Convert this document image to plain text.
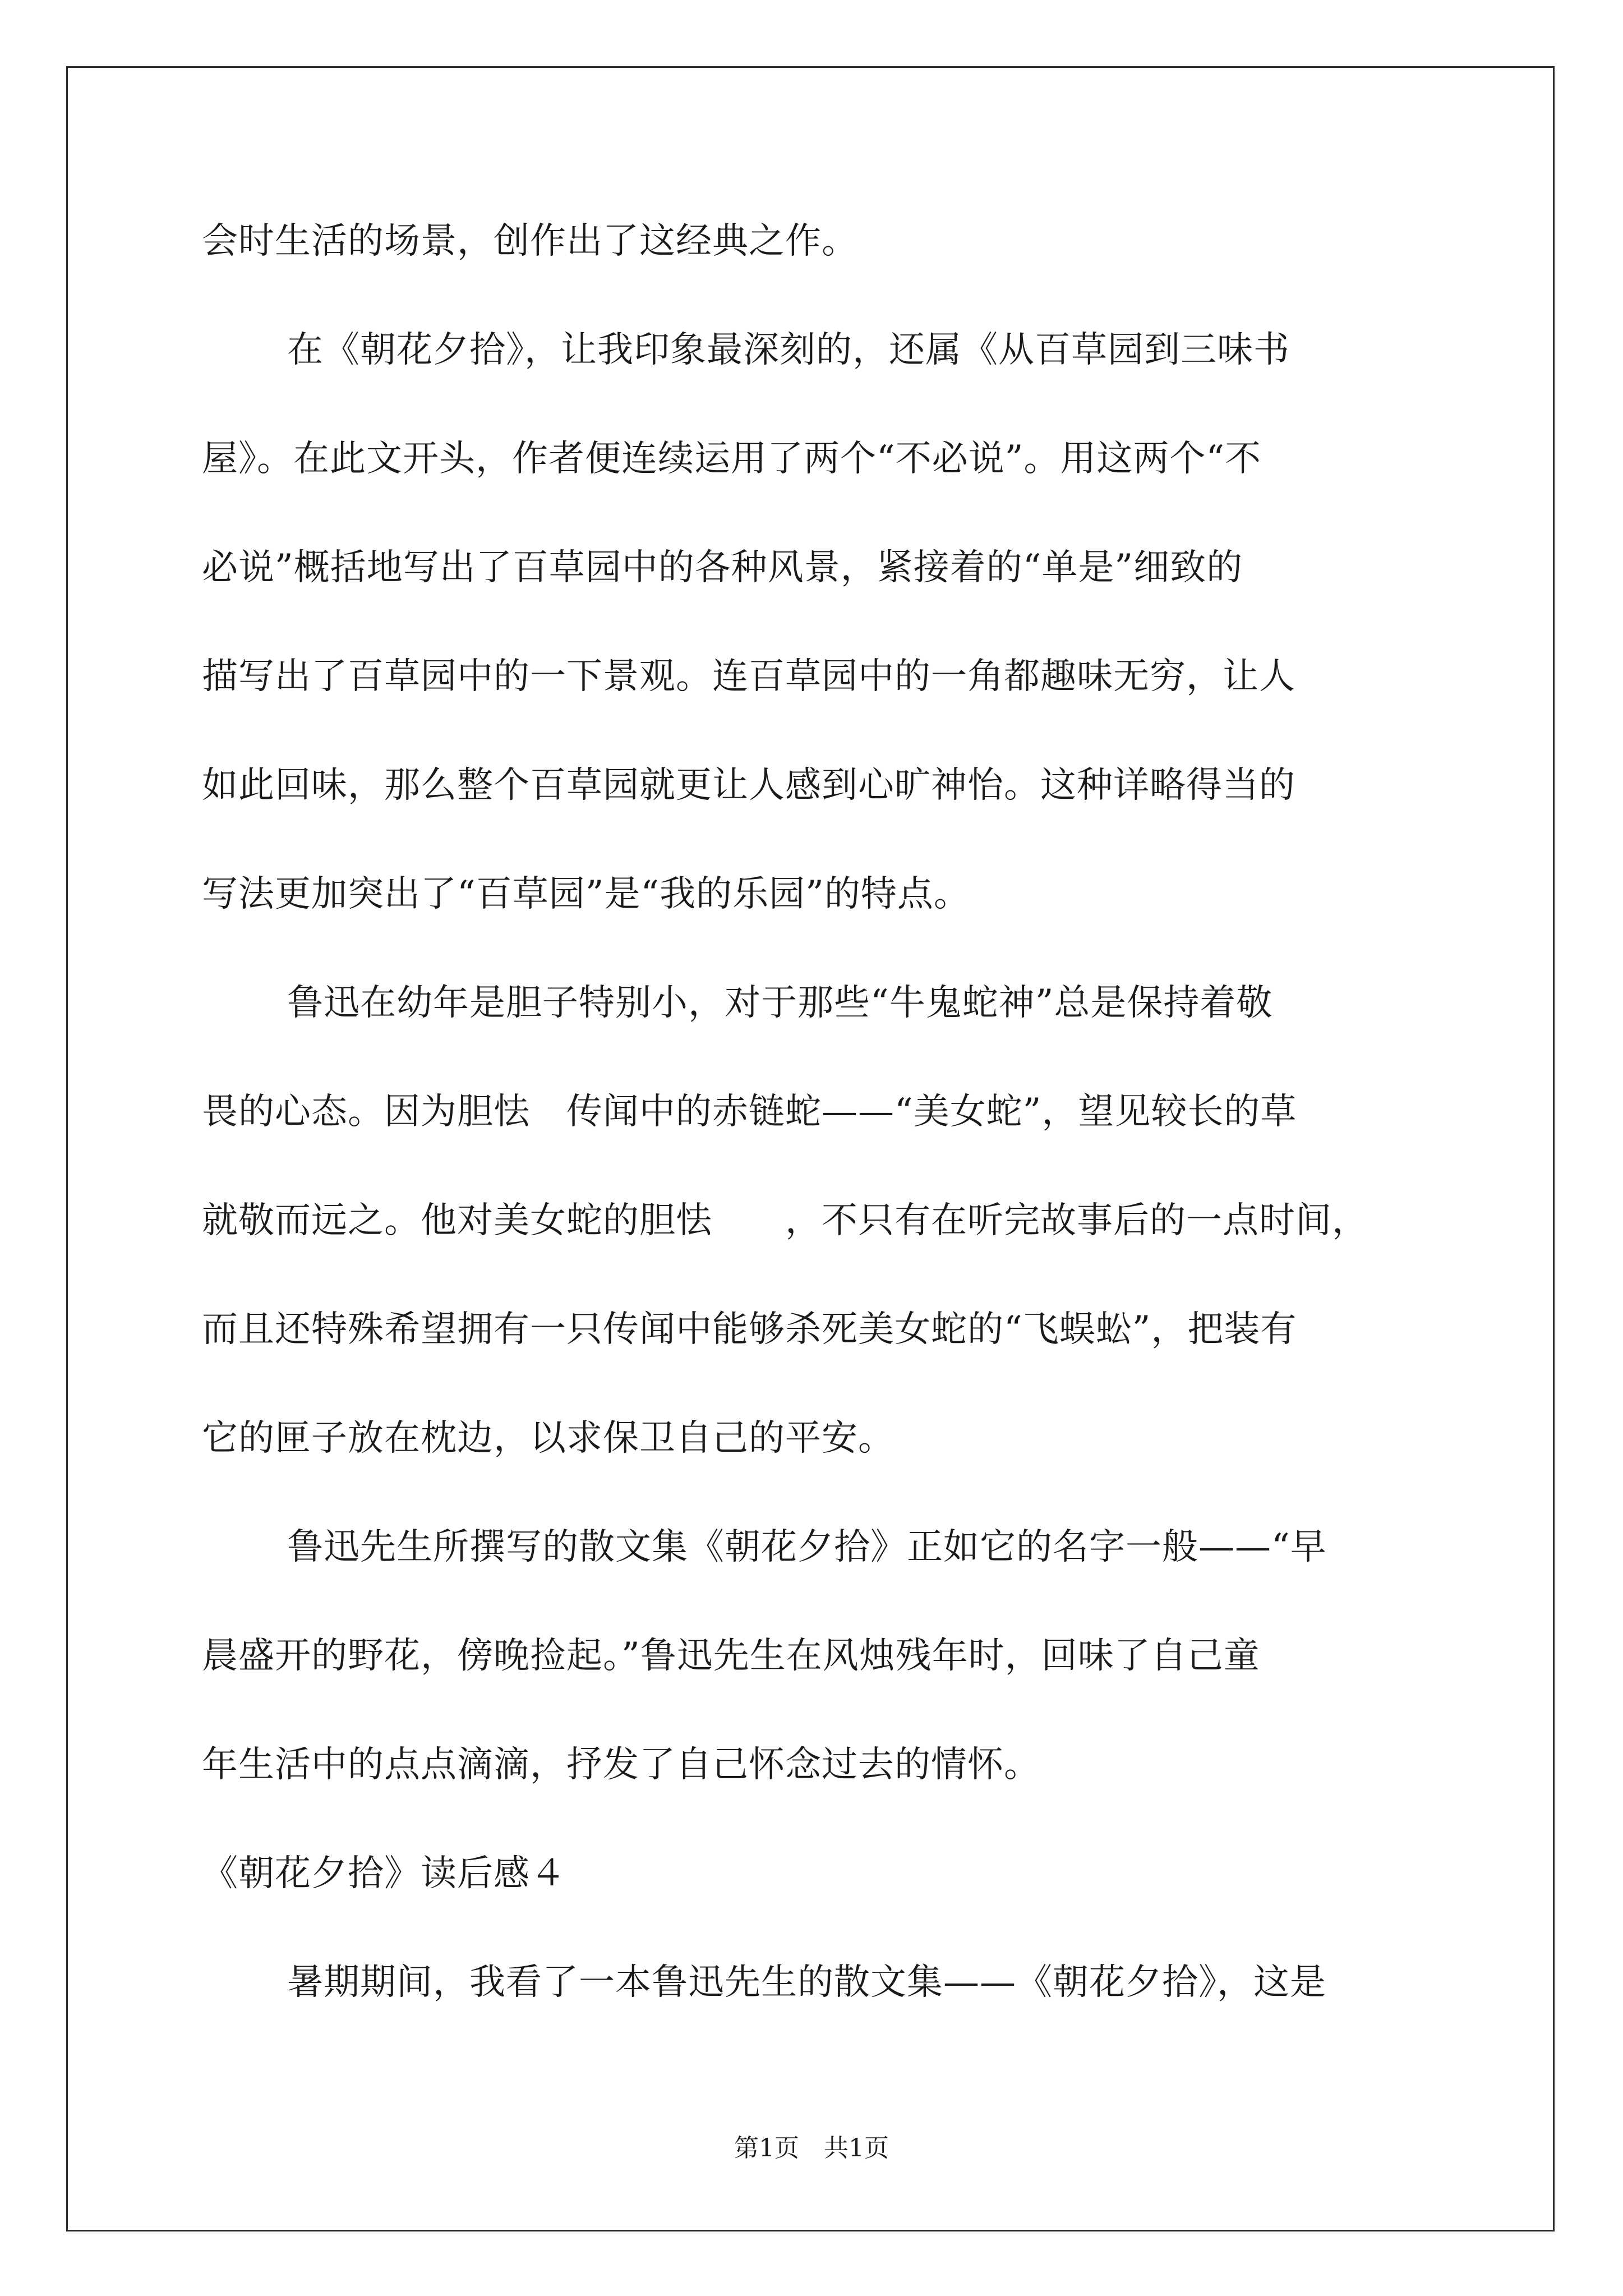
会时生活的场景，创作出了这经典之作。
在《朝花夕拾》，让我印象最深刻的，还属《从百草园到三味书
屋》。在此文开头，作者便连续运用了两个“不必说”。用这两个“不
必说”概括地写出了百草园中的各种风景，紧接着的“单是”细致的
描写出了百草园中的一下景观。连百草园中的一角都趣味无穷，让人
如此回味，那么整个百草园就更让人感到心旷神怡。这种详略得当的
写法更加突出了“百草园”是“我的乐园”的特点。
鲁迅在幼年是胆子特别小，对于那些“牛鬼蛇神”总是保持着敬
畏的心态。因为胆怯　传闻中的赤链蛇——“美女蛇”，望见较长的草
就敬而远之。他对美女蛇的胆怯　　，不只有在听完故事后的一点时间，
而且还特殊希望拥有一只传闻中能够杀死美女蛇的“飞蜈蚣”，把装有
它的匣子放在枕边，以求保卫自己的平安。
鲁迅先生所撰写的散文集《朝花夕拾》正如它的名字一般——“早
晨盛开的野花，傍晚捡起。”鲁迅先生在风烛残年时，回味了自己童
年生活中的点点滴滴，抒发了自己怀念过去的情怀。
《朝花夕拾》读后感４
暑期期间，我看了一本鲁迅先生的散文集——《朝花夕拾》，这是
第1页　共1页
